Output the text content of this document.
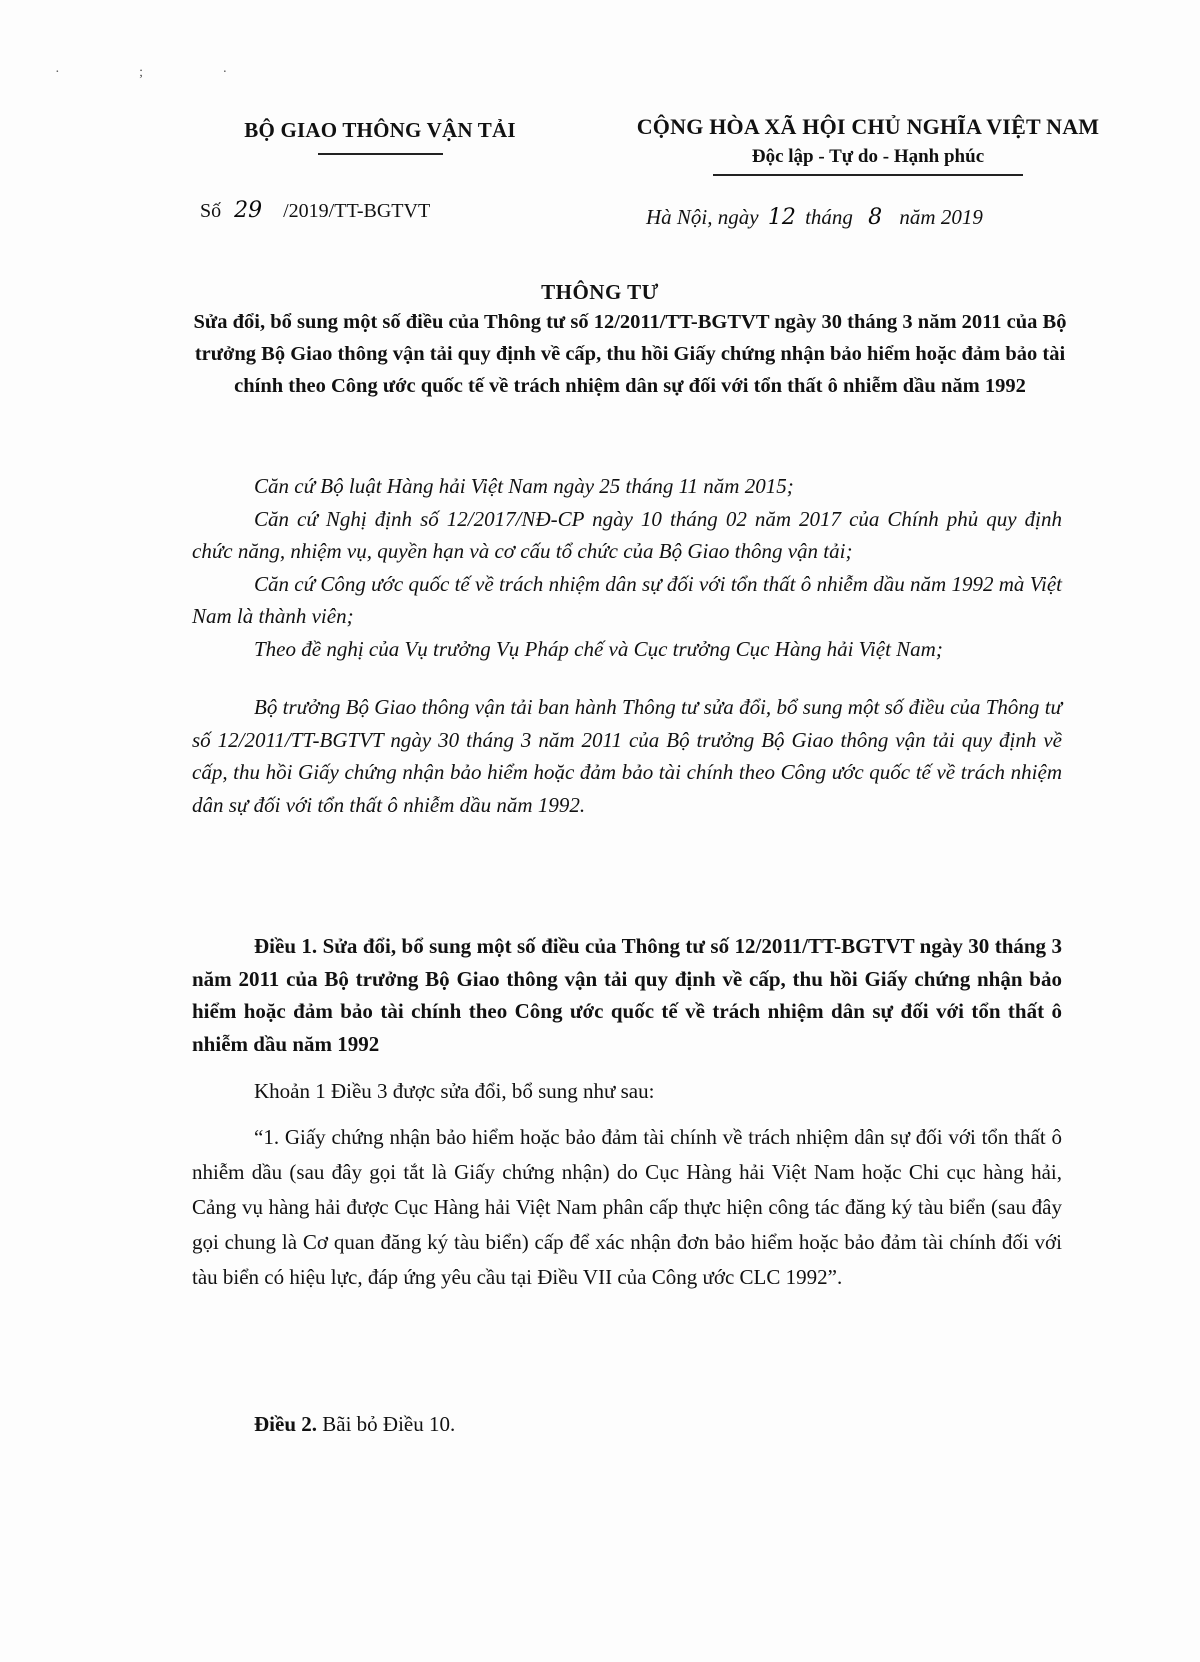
· ; ·
BỘ GIAO THÔNG VẬN TẢI	CỘNG HÒA XÃ HỘI CHỦ NGHĨA VIỆT NAM
Độc lập - Tự do - Hạnh phúc
Số 29 /2019/TT-BGTVT	Hà Nội, ngày 12 tháng 8 năm 2019
THÔNG TƯ
Sửa đổi, bổ sung một số điều của Thông tư số 12/2011/TT-BGTVT ngày 30 tháng 3 năm 2011 của Bộ trưởng Bộ Giao thông vận tải quy định về cấp, thu hồi Giấy chứng nhận bảo hiểm hoặc đảm bảo tài chính theo Công ước quốc tế về trách nhiệm dân sự đối với tổn thất ô nhiễm dầu năm 1992

Căn cứ Bộ luật Hàng hải Việt Nam ngày 25 tháng 11 năm 2015;

Căn cứ Nghị định số 12/2017/NĐ-CP ngày 10 tháng 02 năm 2017 của Chính phủ quy định chức năng, nhiệm vụ, quyền hạn và cơ cấu tổ chức của Bộ Giao thông vận tải;

Căn cứ Công ước quốc tế về trách nhiệm dân sự đối với tổn thất ô nhiễm dầu năm 1992 mà Việt Nam là thành viên;

Theo đề nghị của Vụ trưởng Vụ Pháp chế và Cục trưởng Cục Hàng hải Việt Nam;

Bộ trưởng Bộ Giao thông vận tải ban hành Thông tư sửa đổi, bổ sung một số điều của Thông tư số 12/2011/TT-BGTVT ngày 30 tháng 3 năm 2011 của Bộ trưởng Bộ Giao thông vận tải quy định về cấp, thu hồi Giấy chứng nhận bảo hiểm hoặc đảm bảo tài chính theo Công ước quốc tế về trách nhiệm dân sự đối với tổn thất ô nhiễm dầu năm 1992.

Điều 1. Sửa đổi, bổ sung một số điều của Thông tư số 12/2011/TT-BGTVT ngày 30 tháng 3 năm 2011 của Bộ trưởng Bộ Giao thông vận tải quy định về cấp, thu hồi Giấy chứng nhận bảo hiểm hoặc đảm bảo tài chính theo Công ước quốc tế về trách nhiệm dân sự đối với tổn thất ô nhiễm dầu năm 1992

Khoản 1 Điều 3 được sửa đổi, bổ sung như sau:

“1. Giấy chứng nhận bảo hiểm hoặc bảo đảm tài chính về trách nhiệm dân sự đối với tổn thất ô nhiễm dầu (sau đây gọi tắt là Giấy chứng nhận) do Cục Hàng hải Việt Nam hoặc Chi cục hàng hải, Cảng vụ hàng hải được Cục Hàng hải Việt Nam phân cấp thực hiện công tác đăng ký tàu biển (sau đây gọi chung là Cơ quan đăng ký tàu biển) cấp để xác nhận đơn bảo hiểm hoặc bảo đảm tài chính đối với tàu biển có hiệu lực, đáp ứng yêu cầu tại Điều VII của Công ước CLC 1992”.

Điều 2. Bãi bỏ Điều 10.
